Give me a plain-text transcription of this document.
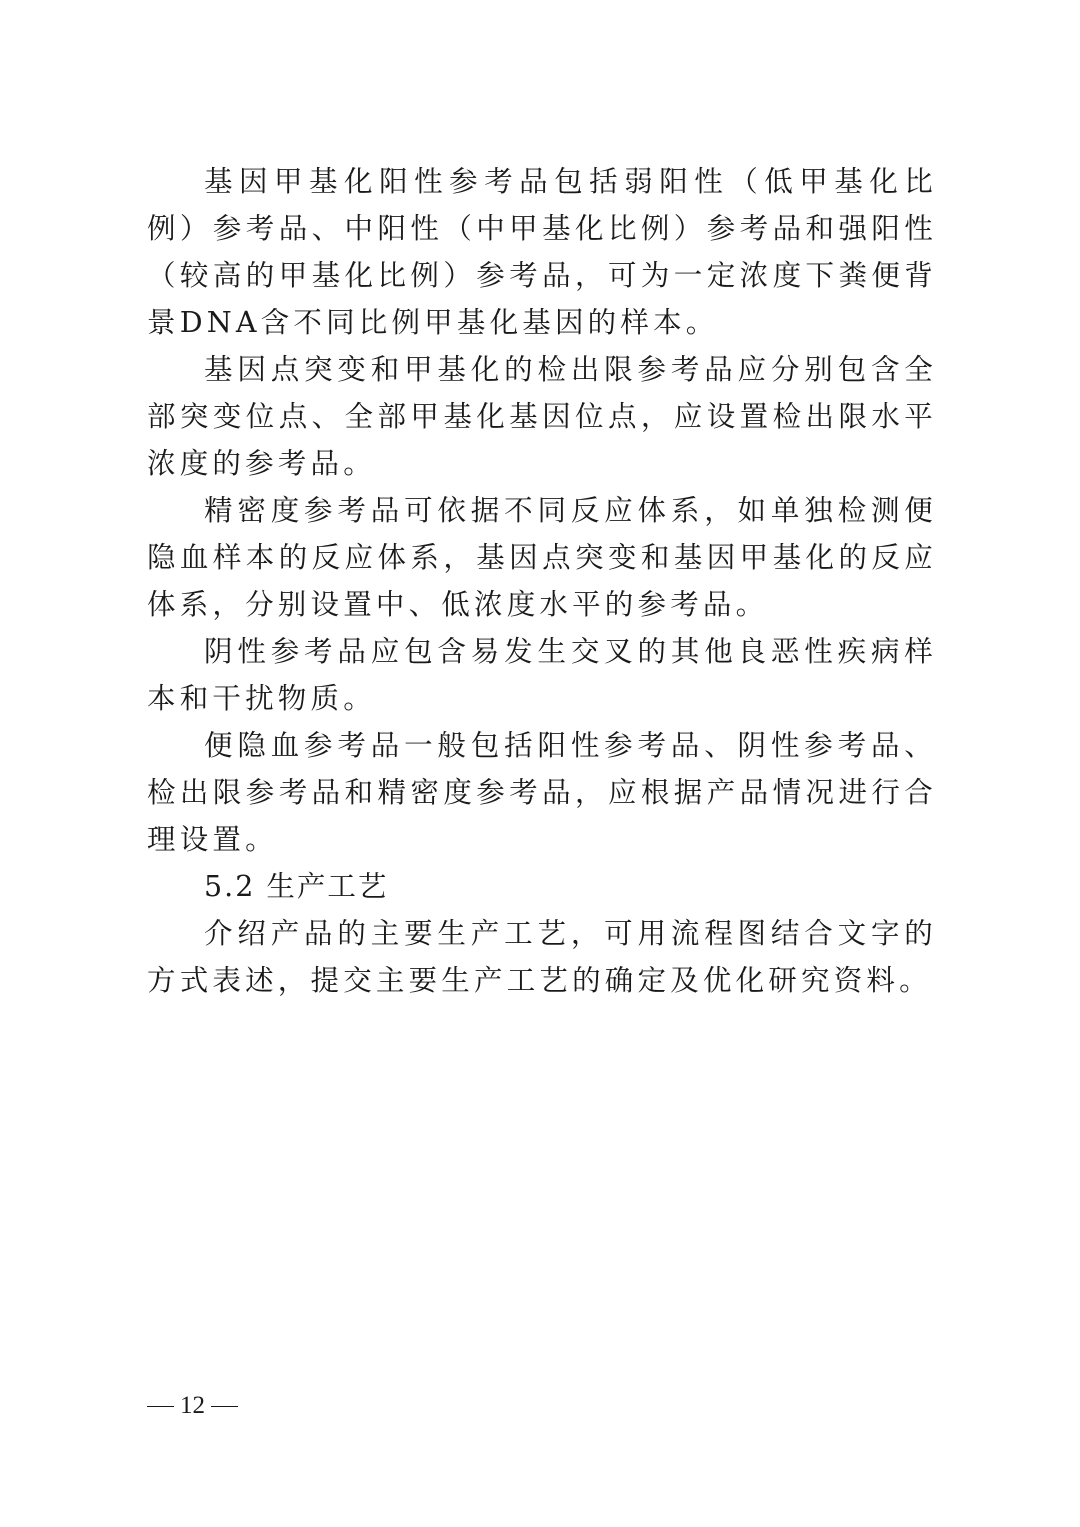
基因甲基化阳性参考品包括弱阳性（低甲基化比例）参考品、中阳性（中甲基化比例）参考品和强阳性（较高的甲基化比例）参考品，可为一定浓度下粪便背景DNA含不同比例甲基化基因的样本。

基因点突变和甲基化的检出限参考品应分别包含全部突变位点、全部甲基化基因位点，应设置检出限水平浓度的参考品。

精密度参考品可依据不同反应体系，如单独检测便隐血样本的反应体系，基因点突变和基因甲基化的反应体系，分别设置中、低浓度水平的参考品。

阴性参考品应包含易发生交叉的其他良恶性疾病样本和干扰物质。

便隐血参考品一般包括阳性参考品、阴性参考品、检出限参考品和精密度参考品，应根据产品情况进行合理设置。

5.2 生产工艺

介绍产品的主要生产工艺，可用流程图结合文字的方式表述，提交主要生产工艺的确定及优化研究资料。

12
